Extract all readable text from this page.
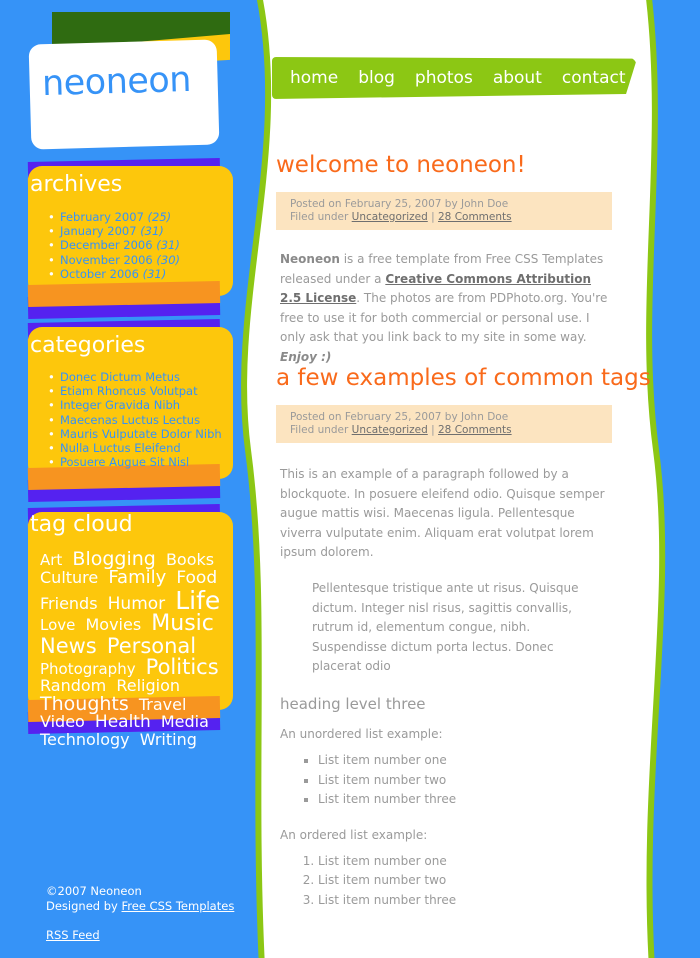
neoneon
free css template
archives
• February 2007 (25)
• January 2007 (31)
• December 2006 (31)
• November 2006 (30)
• October 2006 (31)
categories
• Donec Dictum Metus
• Etiam Rhoncus Volutpat
• Integer Gravida Nibh
• Maecenas Luctus Lectus
• Mauris Vulputate Dolor Nibh
• Nulla Luctus Eleifend
• Posuere Augue Sit Nisl
tag cloud
Art Blogging Books Culture Family Food Friends Humor Life Love Movies Music News Personal Photography Politics Random Religion Thoughts Travel Video Health Media Technology Writing
©2007 Neoneon
Designed by Free CSS Templates
RSS Feed
home blog photos about contact
welcome to neoneon!
Posted on February 25, 2007 by John Doe
Filed under Uncategorized | 28 Comments

Neoneon is a free template from Free CSS Templates released under a Creative Commons Attribution 2.5 License. The photos are from PDPhoto.org. You're free to use it for both commercial or personal use. I only ask that you link back to my site in some way. Enjoy :)

a few examples of common tags
Posted on February 25, 2007 by John Doe
Filed under Uncategorized | 28 Comments

This is an example of a paragraph followed by a blockquote. In posuere eleifend odio. Quisque semper augue mattis wisi. Maecenas ligula. Pellentesque viverra vulputate enim. Aliquam erat volutpat lorem ipsum dolorem.

Pellentesque tristique ante ut risus. Quisque dictum. Integer nisl risus, sagittis convallis, rutrum id, elementum congue, nibh. Suspendisse dictum porta lectus. Donec placerat odio
heading level three

An unordered list example:

▪ List item number one
▪ List item number two
▪ List item number three

An ordered list example:

1. List item number one
2. List item number two
3. List item number three
